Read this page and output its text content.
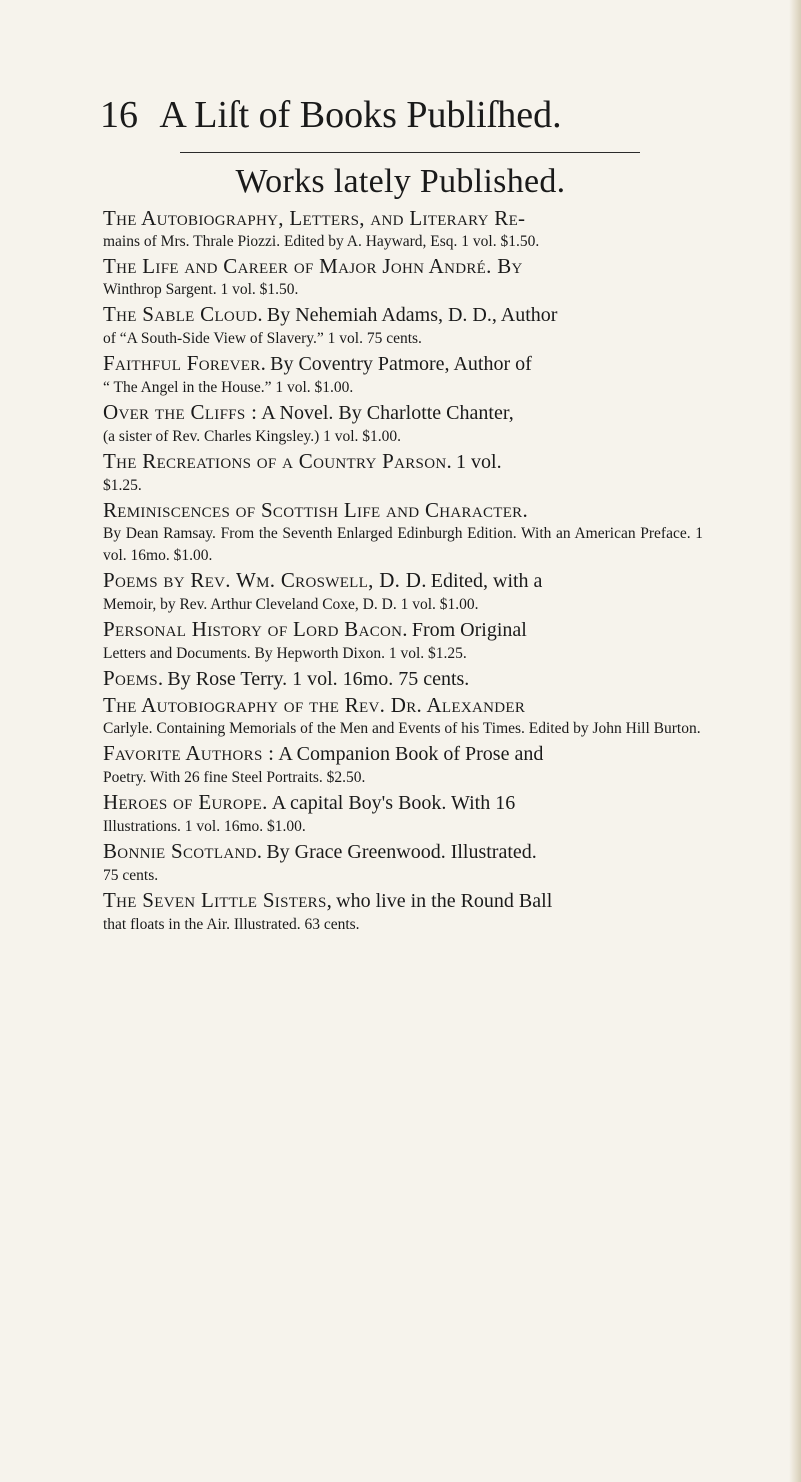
16 A Liſt of Books Publiſhed.
Works lately Published.

The Autobiography, Letters, and Literary Re-

mains of Mrs. Thrale Piozzi. Edited by A. Hayward, Esq. 1 vol. $1.50.

The Life and Career of Major John André. By

Winthrop Sargent. 1 vol. $1.50.

The Sable Cloud. By Nehemiah Adams, D. D., Author

of “A South-Side View of Slavery.” 1 vol. 75 cents.

Faithful Forever. By Coventry Patmore, Author of

“ The Angel in the House.” 1 vol. $1.00.

Over the Cliffs : A Novel. By Charlotte Chanter,

(a sister of Rev. Charles Kingsley.) 1 vol. $1.00.

The Recreations of a Country Parson. 1 vol.

$1.25.

Reminiscences of Scottish Life and Character.

By Dean Ramsay. From the Seventh Enlarged Edinburgh Edition. With an American Preface. 1 vol. 16mo. $1.00.

Poems by Rev. Wm. Croswell, D. D. Edited, with a

Memoir, by Rev. Arthur Cleveland Coxe, D. D. 1 vol. $1.00.

Personal History of Lord Bacon. From Original

Letters and Documents. By Hepworth Dixon. 1 vol. $1.25.

Poems. By Rose Terry. 1 vol. 16mo. 75 cents.

The Autobiography of the Rev. Dr. Alexander

Carlyle. Containing Memorials of the Men and Events of his Times. Edited by John Hill Burton.

Favorite Authors : A Companion Book of Prose and

Poetry. With 26 fine Steel Portraits. $2.50.

Heroes of Europe. A capital Boy's Book. With 16

Illustrations. 1 vol. 16mo. $1.00.

Bonnie Scotland. By Grace Greenwood. Illustrated.

75 cents.

The Seven Little Sisters, who live in the Round Ball

that floats in the Air. Illustrated. 63 cents.
